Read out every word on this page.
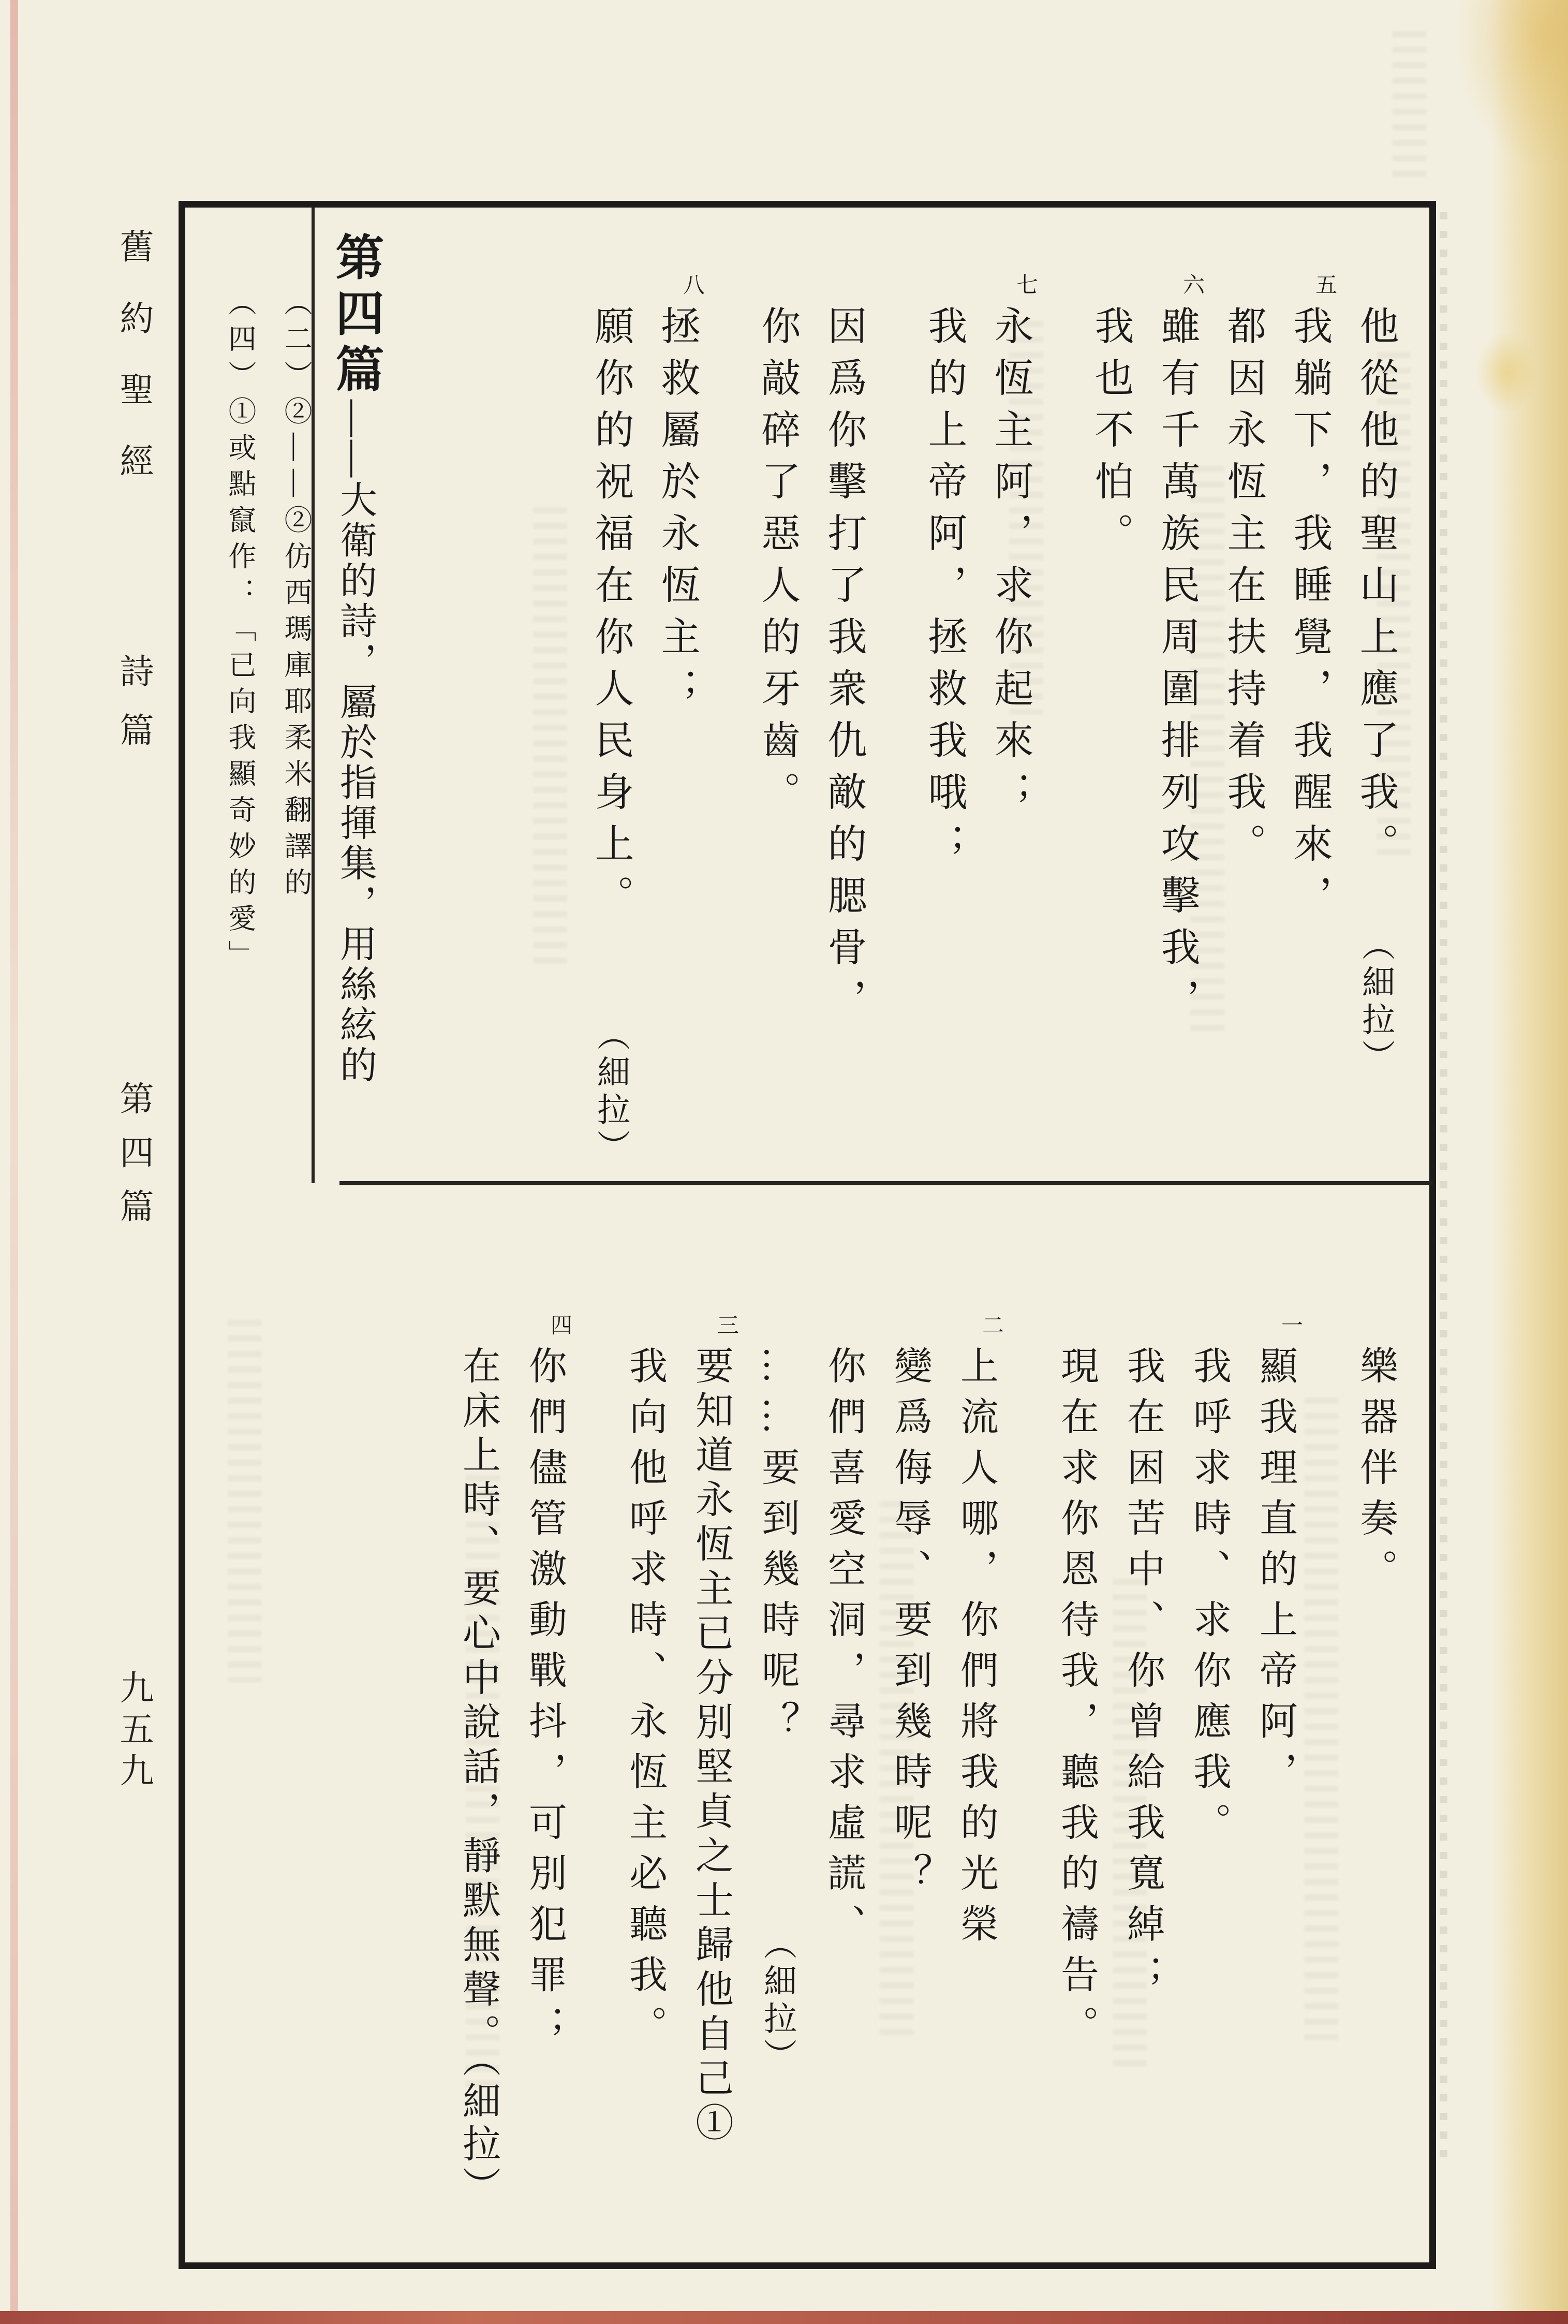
舊約聖經
詩篇
第四篇
九五九
他從他的聖山上應了我。
（細拉）
五
我躺下，我睡覺，我醒來，
都因永恆主在扶持着我。
六
雖有千萬族民周圍排列攻擊我，
我也不怕。
七
永恆主阿，求你起來；
我的上帝阿，拯救我哦；
因爲你擊打了我衆仇敵的腮骨，
你敲碎了惡人的牙齒。
八
拯救屬於永恆主；
願你的祝福在你人民身上。
（細拉）
第四篇——大衛的詩，屬於指揮集，用絲絃的
（二）②——②仿西瑪庫耶柔米翻譯的
（四）①或點竄作：「已向我顯奇妙的愛」
樂器伴奏。
一
顯我理直的上帝阿，
我呼求時、求你應我。
我在困苦中、你曾給我寬綽；
現在求你恩待我，聽我的禱告。
二
上流人哪，你們將我的光榮
變爲侮辱、要到幾時呢？
你們喜愛空洞，尋求虛謊、
……要到幾時呢？
（細拉）
三
要知道永恆主已分別堅貞之士歸他自己①
我向他呼求時、永恆主必聽我。
四
你們儘管激動戰抖，可別犯罪；
在床上時、要心中說話，靜默無聲。（細拉）
